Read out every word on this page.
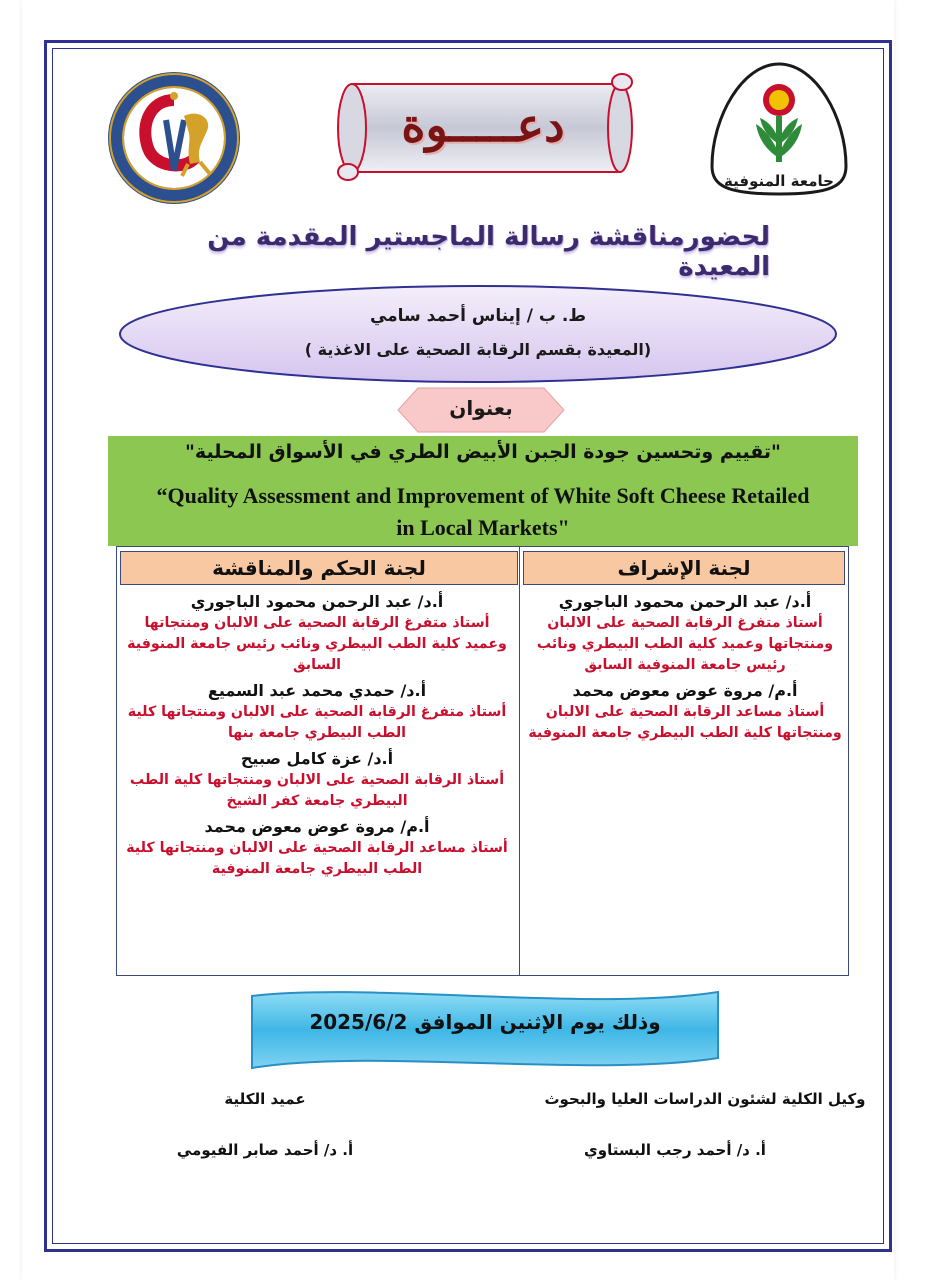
جامعة المنوفية
دعـــــوة
لحضورمناقشة رسالة الماجستير المقدمة من المعيدة
ط. ب / إيناس أحمد سامي
(المعيدة بقسم الرقابة الصحية على الاغذية )
بعنوان
"تقييم وتحسين جودة الجبن الأبيض الطري في الأسواق المحلية"
“Quality Assessment and Improvement of White Soft Cheese Retailed
in Local Markets"
لجنة الحكم والمناقشة	لجنة الإشراف
أ.د/ عبد الرحمن محمود الباجوري
أستاذ متفرغ الرقابة الصحية على الالبان ومنتجاتها وعميد كلية الطب البيطري ونائب رئيس جامعة المنوفية السابق
أ.د/ حمدي محمد عبد السميع
أستاذ متفرغ الرقابة الصحية على الالبان ومنتجاتها كلية الطب البيطري جامعة بنها
أ.د/ عزة كامل صبيح
أستاذ الرقابة الصحية على الالبان ومنتجاتها كلية الطب البيطري جامعة كفر الشيخ
أ.م/ مروة عوض معوض محمد
أستاذ مساعد الرقابة الصحية على الالبان ومنتجاتها كلية الطب البيطري جامعة المنوفية
أ.د/ عبد الرحمن محمود الباجوري
أستاذ متفرغ الرقابة الصحية على الالبان ومنتجاتها وعميد كلية الطب البيطري ونائب رئيس جامعة المنوفية السابق
أ.م/ مروة عوض معوض محمد
أستاذ مساعد الرقابة الصحية على الالبان ومنتجاتها كلية الطب البيطري جامعة المنوفية
وذلك يوم الإثنين الموافق 2025/6/2
وكيل الكلية لشئون الدراسات العليا والبحوث
أ. د/ أحمد رجب البستاوي
عميد الكلية
أ. د/ أحمد صابر الفيومي
